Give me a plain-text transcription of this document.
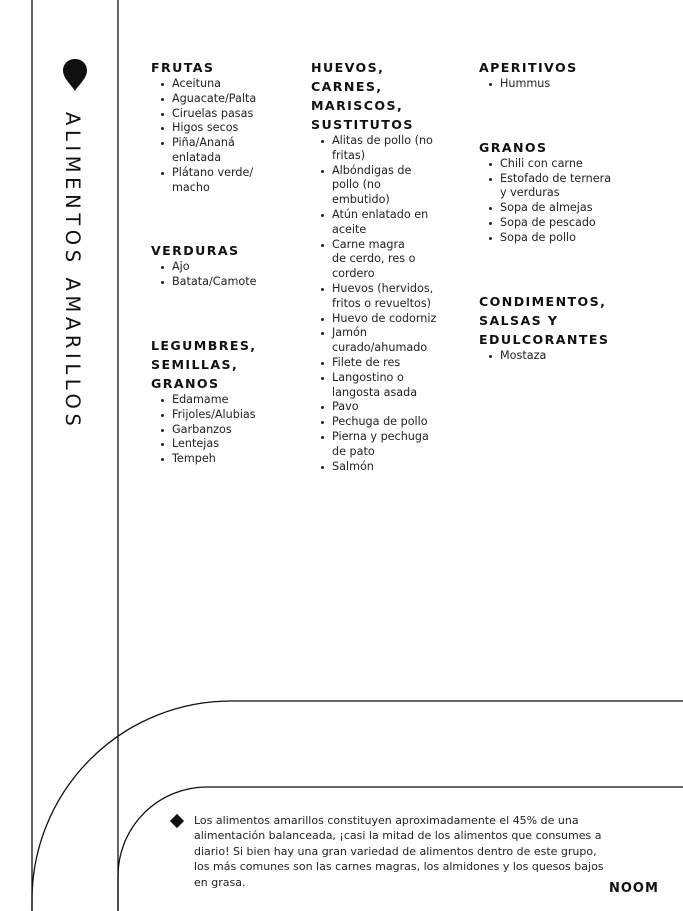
ALIMENTOS AMARILLOS
FRUTAS
Aceituna
Aguacate/Palta
Ciruelas pasas
Higos secos
Piña/Ananá enlatada
Plátano verde/ macho
VERDURAS
Ajo
Batata/Camote
LEGUMBRES, SEMILLAS, GRANOS
Edamame
Frijoles/Alubias
Garbanzos
Lentejas
Tempeh
HUEVOS, CARNES, MARISCOS, SUSTITUTOS
Alitas de pollo (no fritas)
Albóndigas de pollo (no embutido)
Atún enlatado en aceite
Carne magra de cerdo, res o cordero
Huevos (hervidos, fritos o revueltos)
Huevo de codorniz
Jamón curado/ahumado
Filete de res
Langostino o langosta asada
Pavo
Pechuga de pollo
Pierna y pechuga de pato
Salmón
APERITIVOS
Hummus
GRANOS
Chili con carne
Estofado de ternera y verduras
Sopa de almejas
Sopa de pescado
Sopa de pollo
CONDIMENTOS, SALSAS Y EDULCORANTES
Mostaza

Los alimentos amarillos constituyen aproximadamente el 45% de una alimentación balanceada, ¡casi la mitad de los alimentos que consumes a diario! Si bien hay una gran variedad de alimentos dentro de este grupo, los más comunes son las carnes magras, los almidones y los quesos bajos en grasa.	NOOM
